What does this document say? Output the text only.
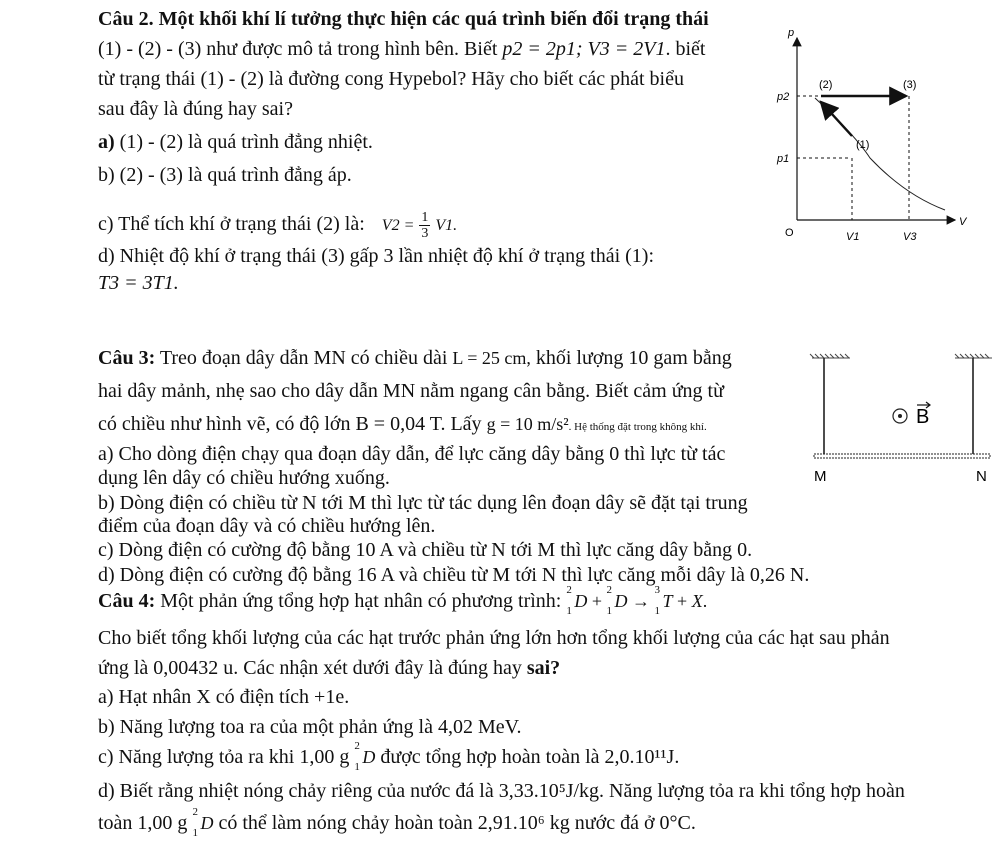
Câu 2. Một khối khí lí tưởng thực hiện các quá trình biến đổi trạng thái
(1) - (2) - (3) như được mô tả trong hình bên. Biết p2 = 2p1; V3 = 2V1. biết
từ trạng thái (1) - (2) là đường cong Hypebol? Hãy cho biết các phát biểu
sau đây là đúng hay sai?
a) (1) - (2) là quá trình đẳng nhiệt.
b) (2) - (3) là quá trình đẳng áp.
c) Thể tích khí ở trạng thái (2) là: $V2 = \frac{1}{3} V1$.
d) Nhiệt độ khí ở trạng thái (3) gấp 3 lần nhiệt độ khí ở trạng thái (1):
T3 = 3T1.
p
p2
p1
(2)	(3)
(1)
O	V1	V3
V
Câu 3: Treo đoạn dây dẫn MN có chiều dài L = 25 cm, khối lượng 10 gam bằng
hai dây mảnh, nhẹ sao cho dây dẫn MN nằm ngang cân bằng. Biết cảm ứng từ
có chiều như hình vẽ, có độ lớn B = 0,04 T. Lấy g = 10 m/s². Hệ thống đặt trong không khí.
a) Cho dòng điện chạy qua đoạn dây dẫn, để lực căng dây bằng 0 thì lực từ tác
dụng lên dây có chiều hướng xuống.
b) Dòng điện có chiều từ N tới M thì lực từ tác dụng lên đoạn dây sẽ đặt tại trung
điểm của đoạn dây và có chiều hướng lên.
c) Dòng điện có cường độ bằng 10 A và chiều từ N tới M thì lực căng dây bằng 0.
d) Dòng điện có cường độ bằng 16 A và chiều từ M tới N thì lực căng mỗi dây là 0,26 N.
B
M	N
Câu 4: Một phản ứng tổng hợp hạt nhân có phương trình: 2
1 D +
2
1 D →
3
1 T + X.
Cho biết tổng khối lượng của các hạt trước phản ứng lớn hơn tổng khối lượng của các hạt sau phản
ứng là 0,00432 u. Các nhận xét dưới đây là đúng hay sai?
a) Hạt nhân X có điện tích +1e.
b) Năng lượng toa ra của một phản ứng là 4,02 MeV.
c) Năng lượng tỏa ra khi 1,00 g 2
1 D được tổng hợp hoàn toàn là 2,0.10¹¹J.
d) Biết rằng nhiệt nóng chảy riêng của nước đá là 3,33.10⁵J/kg. Năng lượng tỏa ra khi tổng hợp hoàn
toàn 1,00 g 2
1 D có thể làm nóng chảy hoàn toàn 2,91.10⁶ kg nước đá ở 0°C.
